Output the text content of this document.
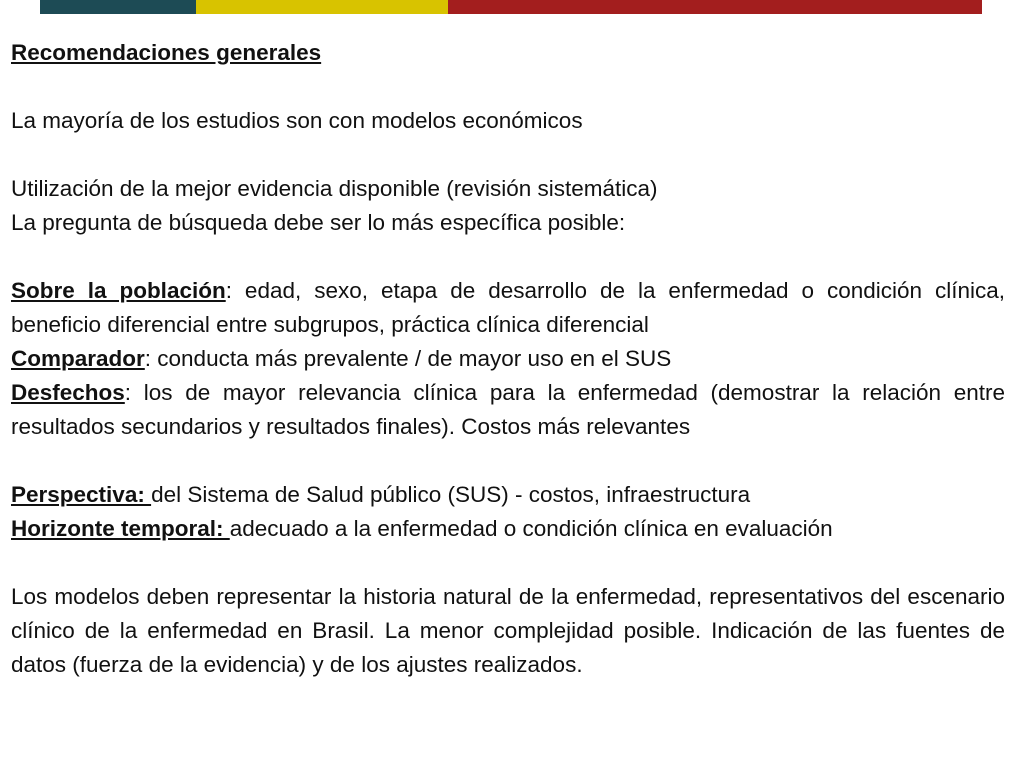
Recomendaciones generales
La mayoría de los estudios son con modelos económicos
Utilización de la mejor evidencia disponible (revisión sistemática)
La pregunta de búsqueda debe ser lo más específica posible:
Sobre la población: edad, sexo, etapa de desarrollo de la enfermedad o condición clínica, beneficio diferencial entre subgrupos, práctica clínica diferencial
Comparador: conducta más prevalente / de mayor uso en el SUS
Desfechos: los de mayor relevancia clínica para la enfermedad (demostrar la relación entre resultados secundarios y resultados finales). Costos más relevantes
Perspectiva: del Sistema de Salud público (SUS) - costos, infraestructura
Horizonte temporal: adecuado a la enfermedad o condición clínica en evaluación
Los modelos deben representar la historia natural de la enfermedad, representativos del escenario clínico de la enfermedad en Brasil. La menor complejidad posible. Indicación de las fuentes de datos (fuerza de la evidencia) y de los ajustes realizados.
